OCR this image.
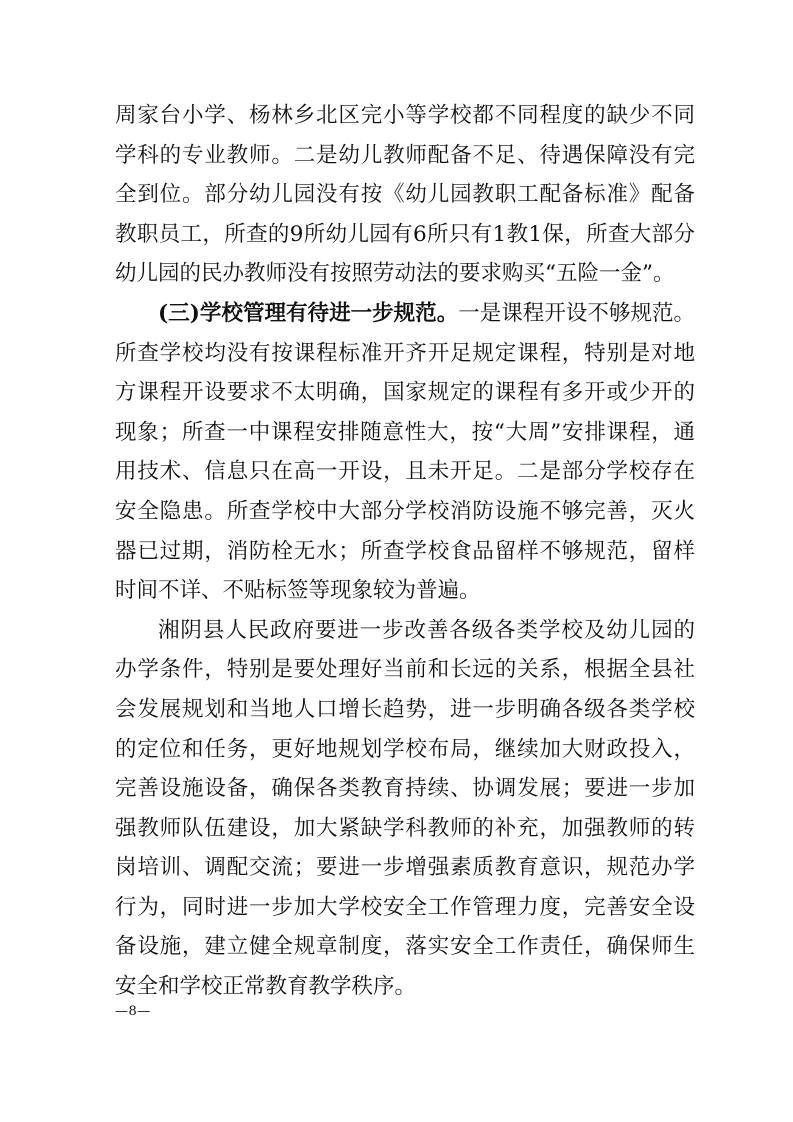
周家台小学、杨林乡北区完小等学校都不同程度的缺少不同学科的专业教师。二是幼儿教师配备不足、待遇保障没有完全到位。部分幼儿园没有按《幼儿园教职工配备标准》配备教职员工，所查的9所幼儿园有6所只有1教1保，所查大部分幼儿园的民办教师没有按照劳动法的要求购买“五险一金”。

(三)学校管理有待进一步规范。一是课程开设不够规范。所查学校均没有按课程标准开齐开足规定课程，特别是对地方课程开设要求不太明确，国家规定的课程有多开或少开的现象；所查一中课程安排随意性大，按“大周”安排课程，通用技术、信息只在高一开设，且未开足。二是部分学校存在安全隐患。所查学校中大部分学校消防设施不够完善，灭火器已过期，消防栓无水；所查学校食品留样不够规范，留样时间不详、不贴标签等现象较为普遍。

湘阴县人民政府要进一步改善各级各类学校及幼儿园的办学条件，特别是要处理好当前和长远的关系，根据全县社会发展规划和当地人口增长趋势，进一步明确各级各类学校的定位和任务，更好地规划学校布局，继续加大财政投入，完善设施设备，确保各类教育持续、协调发展；要进一步加强教师队伍建设，加大紧缺学科教师的补充，加强教师的转岗培训、调配交流；要进一步增强素质教育意识，规范办学行为，同时进一步加大学校安全工作管理力度，完善安全设备设施，建立健全规章制度，落实安全工作责任，确保师生安全和学校正常教育教学秩序。

—8—
